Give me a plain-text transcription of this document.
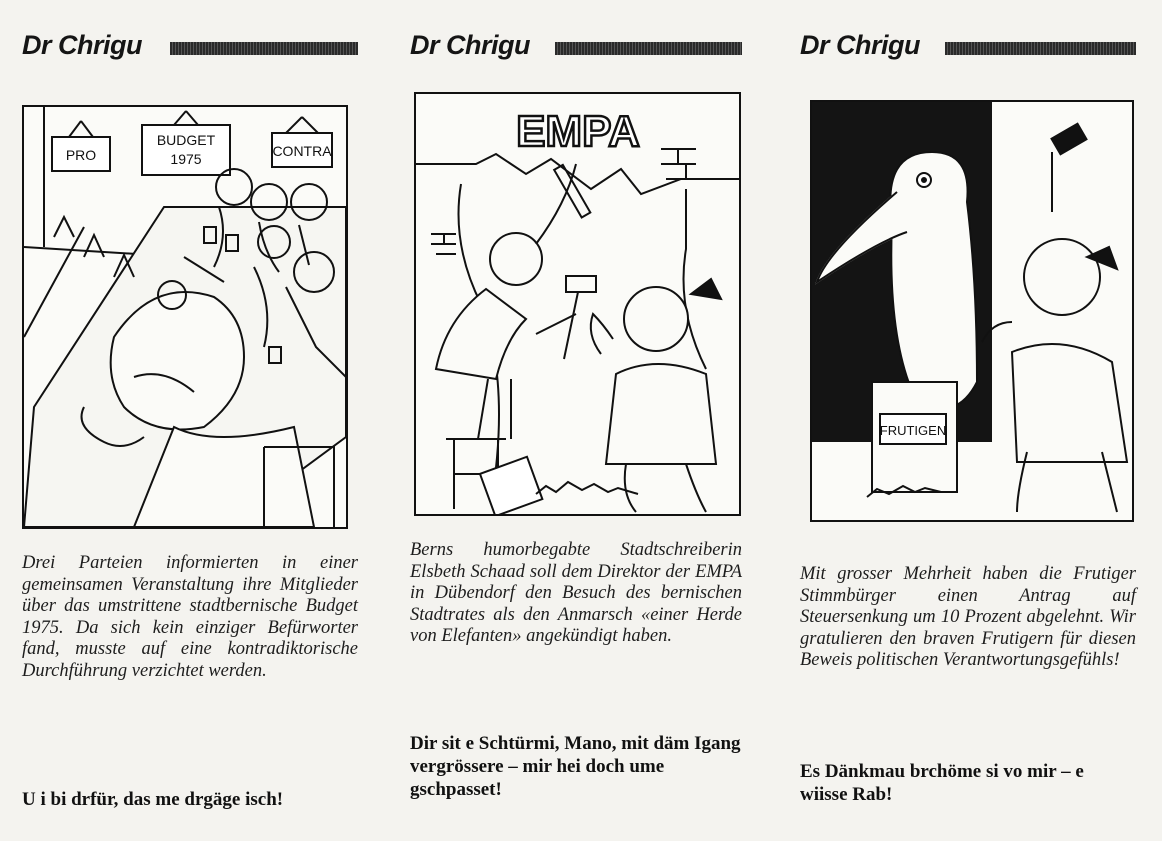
Dr Chrigu
PRO
BUDGET
1975	CONTRA

Drei Parteien informierten in einer gemeinsamen Veranstaltung ihre Mitglieder über das umstrittene stadtbernische Budget 1975. Da sich kein einziger Befürworter fand, musste auf eine kontradiktorische Durchführung verzichtet werden.

U i bi drfür, das me drgäge isch!

Dr Chrigu
EMPA

Berns humorbegabte Stadtschreiberin Elsbeth Schaad soll dem Direktor der EMPA in Dübendorf den Besuch des bernischen Stadtrates als den Anmarsch «einer Herde von Elefanten» angekündigt haben.

Dir sit e Schtürmi, Mano, mit däm Igang vergrössere – mir hei doch ume gschpasset!

Dr Chrigu
FRUTIGEN

Mit grosser Mehrheit haben die Frutiger Stimmbürger einen Antrag auf Steuersenkung um 10 Prozent abgelehnt. Wir gratulieren den braven Frutigern für diesen Beweis politischen Verantwortungsgefühls!

Es Dänkmau brchöme si vo mir – e wiisse Rab!
